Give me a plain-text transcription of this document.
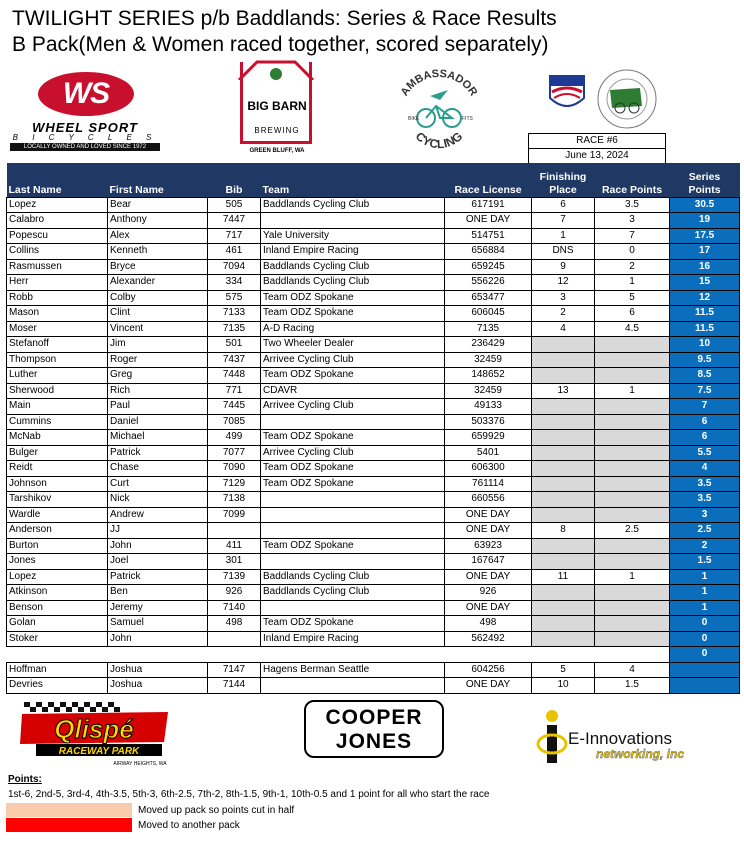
TWILIGHT SERIES p/b Baddlands: Series & Race Results
B Pack(Men & Women raced together, scored separately)
WS
WHEEL SPORT
B I C Y C L E S
LOCALLY OWNED AND LOVED SINCE 1972
BIG BARN
BREWING
GREEN BLUFF, WA
AMBASSADOR
CYCLING
BIKE	FITS
RACE #6
June 13, 2024
Last Name	First Name	Bib	Team	Race License	Finishing Place	Race Points	Series Points
Lopez	Bear	505	Baddlands Cycling Club	617191	6	3.5	30.5
Calabro	Anthony	7447		ONE DAY	7	3	19
Popescu	Alex	717	Yale University	514751	1	7	17.5
Collins	Kenneth	461	Inland Empire Racing	656884	DNS	0	17
Rasmussen	Bryce	7094	Baddlands Cycling Club	659245	9	2	16
Herr	Alexander	334	Baddlands Cycling Club	556226	12	1	15
Robb	Colby	575	Team ODZ Spokane	653477	3	5	12
Mason	Clint	7133	Team ODZ Spokane	606045	2	6	11.5
Moser	Vincent	7135	A-D Racing	7135	4	4.5	11.5
Stefanoff	Jim	501	Two Wheeler Dealer	236429			10
Thompson	Roger	7437	Arrivee Cycling Club	32459			9.5
Luther	Greg	7448	Team ODZ Spokane	148652			8.5
Sherwood	Rich	771	CDAVR	32459	13	1	7.5
Main	Paul	7445	Arrivee Cycling Club	49133			7
Cummins	Daniel	7085		503376			6
McNab	Michael	499	Team ODZ Spokane	659929			6
Bulger	Patrick	7077	Arrivee Cycling Club	5401			5.5
Reidt	Chase	7090	Team ODZ Spokane	606300			4
Johnson	Curt	7129	Team ODZ Spokane	761114			3.5
Tarshikov	Nick	7138		660556			3.5
Wardle	Andrew	7099		ONE DAY			3
Anderson	JJ			ONE DAY	8	2.5	2.5
Burton	John	411	Team ODZ Spokane	63923			2
Jones	Joel	301		167647			1.5
Lopez	Patrick	7139	Baddlands Cycling Club	ONE DAY	11	1	1
Atkinson	Ben	926	Baddlands Cycling Club	926			1
Benson	Jeremy	7140		ONE DAY			1
Golan	Samuel	498	Team ODZ Spokane	498			0
Stoker	John		Inland Empire Racing	562492			0
							0
Hoffman	Joshua	7147	Hagens Berman Seattle	604256	5	4	
Devries	Joshua	7144		ONE DAY	10	1.5	
Qlispé
RACEWAY PARK
AIRWAY HEIGHTS, WA
COOPER
JONES	E-Innovations
networking, inc
Points:
1st-6, 2nd-5, 3rd-4, 4th-3.5, 5th-3, 6th-2.5, 7th-2, 8th-1.5, 9th-1, 10th-0.5 and 1 point for all who start the race
Moved up pack so points cut in half
Moved to another pack
